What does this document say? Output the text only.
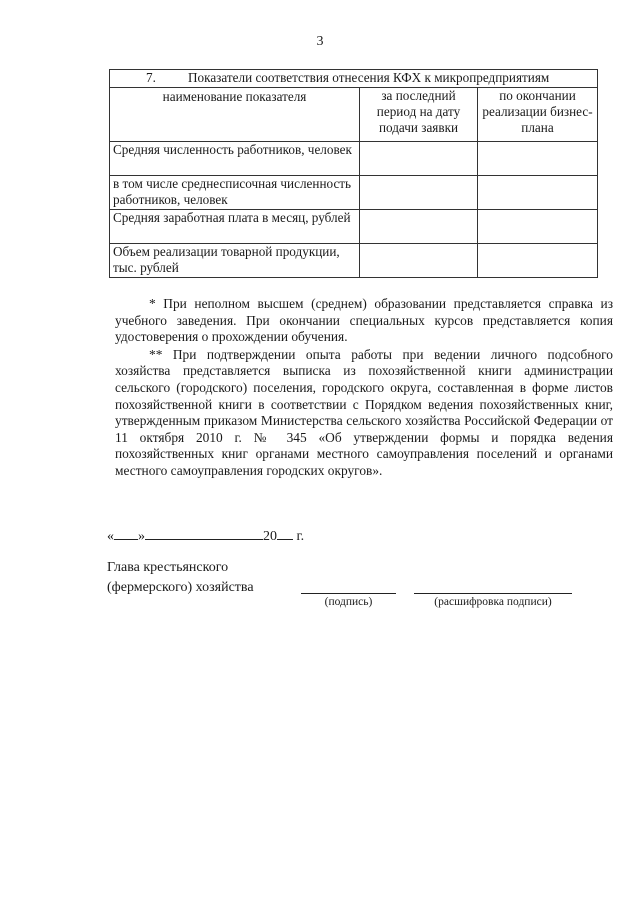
3
7. Показатели соответствия отнесения КФХ к микропредприятиям		
наименование показателя	за последний период на дату подачи заявки	по окончании реализации бизнес-плана
Средняя численность работников, человек		
в том числе среднесписочная численность работников, человек		
Средняя заработная плата в месяц, рублей		
Объем реализации товарной продукции, тыс. рублей		

* При неполном высшем (среднем) образовании представляется справка из учебного заведения. При окончании специальных курсов представляется копия удостоверения о прохождении обучения.

** При подтверждении опыта работы при ведении личного подсобного хозяйства представляется выписка из похозяйственной книги администрации сельского (городского) поселения, городского округа, составленная в форме листов похозяйственной книги в соответствии с Порядком ведения похозяйственных книг, утвержденным приказом Министерства сельского хозяйства Российской Федерации от 11 октября 2010 г. № 345 «Об утверждении формы и порядка ведения похозяйственных книг органами местного самоуправления поселений и органами местного самоуправления городских округов».

« »	20 г.
Глава крестьянского
(фермерского) хозяйства
(подпись)	(расшифровка подписи)
